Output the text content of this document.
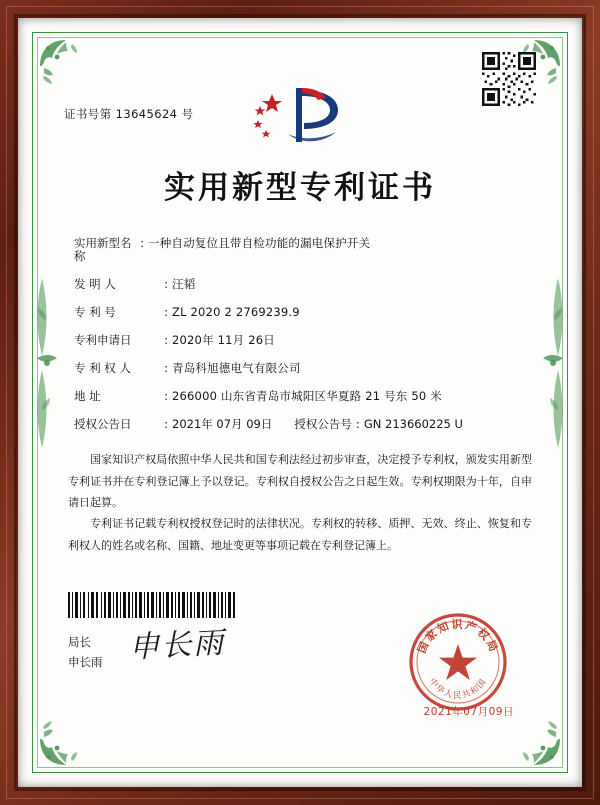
证书号第 13645624 号
实用新型专利证书
实用新型名称
: 一种自动复位且带自检功能的漏电保护开关
发 明 人	: 汪韬
专 利 号	: ZL 2020 2 2769239.9
专利申请日	: 2020年 11月 26日
专 利 权 人	: 青岛科旭德电气有限公司
地 址	: 266000 山东省青岛市城阳区华夏路 21 号东 50 米
授权公告日	: 2021年 07月 09日 授权公告号 : GN 213660225 U

国家知识产权局依照中华人民共和国专利法经过初步审查，决定授予专利权，颁发实用新型专利证书并在专利登记簿上予以登记。专利权自授权公告之日起生效。专利权期限为十年，自申请日起算。

专利证书记载专利权授权登记时的法律状况。专利权的转移、质押、无效、终止、恢复和专利权人的姓名或名称、国籍、地址变更等事项记载在专利登记簿上。

局长
申长雨 申长雨	国家知识产权局
中华人民共和国
2021年07月09日
